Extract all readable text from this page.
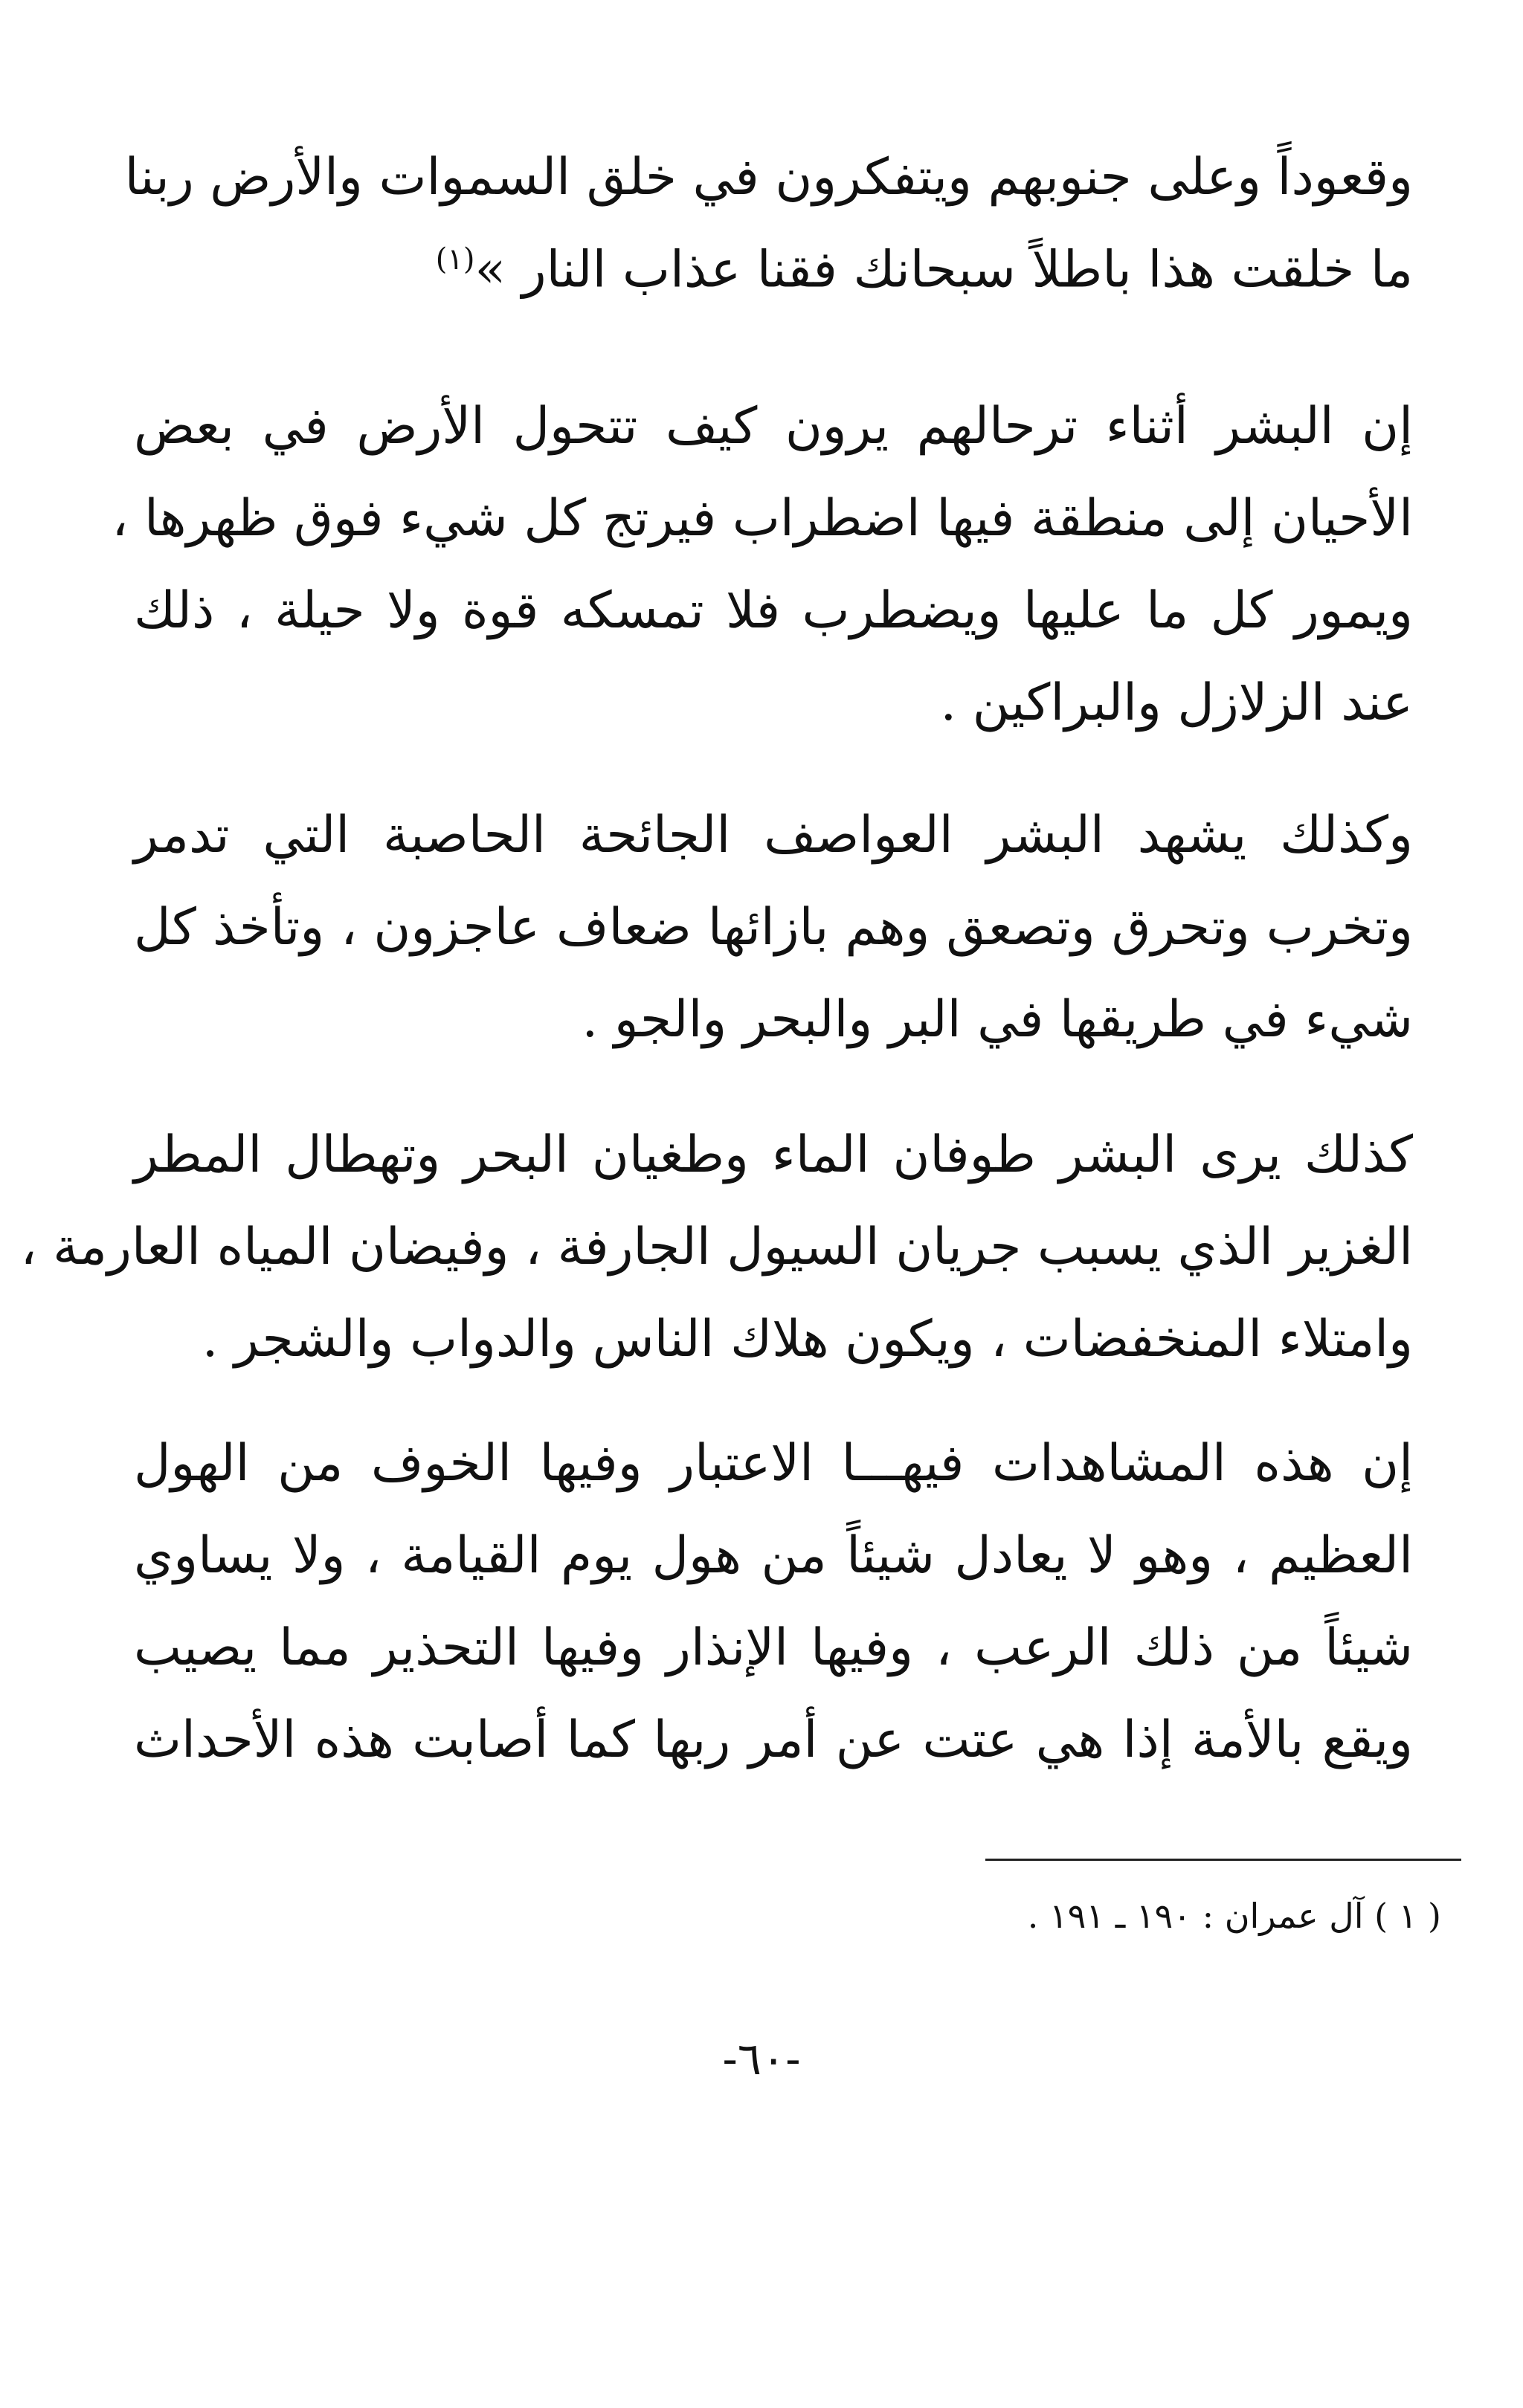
وقعوداً وعلى جنوبهم ويتفكرون في خلق السموات والأرض ربنا
ما خلقت هذا باطلاً سبحانك فقنا عذاب النار »$^{(١)}$
إن البشر أثناء ترحالهم يرون كيف تتحول الأرض في بعض
الأحيان إلى منطقة فيها اضطراب فيرتج كل شيء فوق ظهرها ،
ويمور كل ما عليها ويضطرب فلا تمسكه قوة ولا حيلة ، ذلك
عند الزلازل والبراكين .
وكذلك يشهد البشر العواصف الجائحة الحاصبة التي تدمر
وتخرب وتحرق وتصعق وهم بازائها ضعاف عاجزون ، وتأخذ كل
شيء في طريقها في البر والبحر والجو .
كذلك يرى البشر طوفان الماء وطغيان البحر وتهطال المطر
الغزير الذي يسبب جريان السيول الجارفة ، وفيضان المياه العارمة ،
وامتلاء المنخفضات ، ويكون هلاك الناس والدواب والشجر .
إن هذه المشاهدات فيهـــا الاعتبار وفيها الخوف من الهول
العظيم ، وهو لا يعادل شيئاً من هول يوم القيامة ، ولا يساوي
شيئاً من ذلك الرعب ، وفيها الإنذار وفيها التحذير مما يصيب
ويقع بالأمة إذا هي عتت عن أمر ربها كما أصابت هذه الأحداث
( ١ ) آل عمران : ١٩٠ ـ ١٩١ .
-٦٠-
